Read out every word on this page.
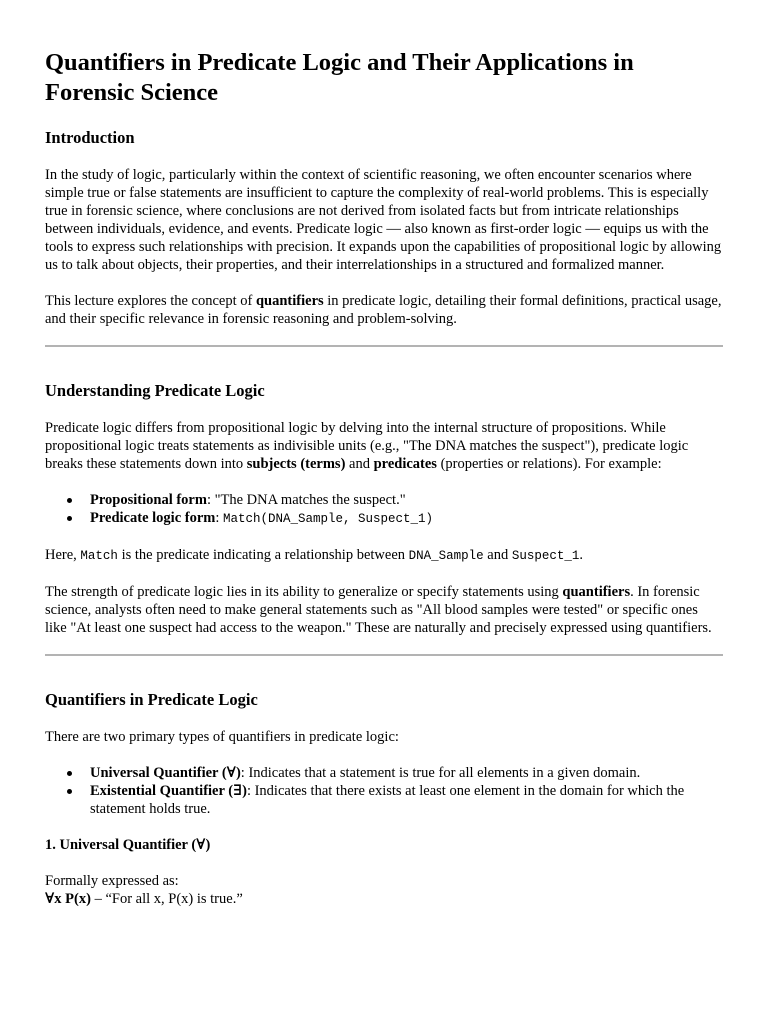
Quantifiers in Predicate Logic and Their Applications in Forensic Science
Introduction

In the study of logic, particularly within the context of scientific reasoning, we often encounter scenarios where simple true or false statements are insufficient to capture the complexity of real-world problems. This is especially true in forensic science, where conclusions are not derived from isolated facts but from intricate relationships between individuals, evidence, and events. Predicate logic — also known as first-order logic — equips us with the tools to express such relationships with precision. It expands upon the capabilities of propositional logic by allowing us to talk about objects, their properties, and their interrelationships in a structured and formalized manner.

This lecture explores the concept of quantifiers in predicate logic, detailing their formal definitions, practical usage, and their specific relevance in forensic reasoning and problem-solving.

Understanding Predicate Logic

Predicate logic differs from propositional logic by delving into the internal structure of propositions. While propositional logic treats statements as indivisible units (e.g., "The DNA matches the suspect"), predicate logic breaks these statements down into subjects (terms) and predicates (properties or relations). For example:

Propositional form: "The DNA matches the suspect."
Predicate logic form: Match(DNA_Sample, Suspect_1)

Here, Match is the predicate indicating a relationship between DNA_Sample and Suspect_1.

The strength of predicate logic lies in its ability to generalize or specify statements using quantifiers. In forensic science, analysts often need to make general statements such as "All blood samples were tested" or specific ones like "At least one suspect had access to the weapon." These are naturally and precisely expressed using quantifiers.

Quantifiers in Predicate Logic

There are two primary types of quantifiers in predicate logic:

Universal Quantifier (∀): Indicates that a statement is true for all elements in a given domain.
Existential Quantifier (∃): Indicates that there exists at least one element in the domain for which the statement holds true.
1. Universal Quantifier (∀)

Formally expressed as:
∀x P(x) – “For all x, P(x) is true.”
